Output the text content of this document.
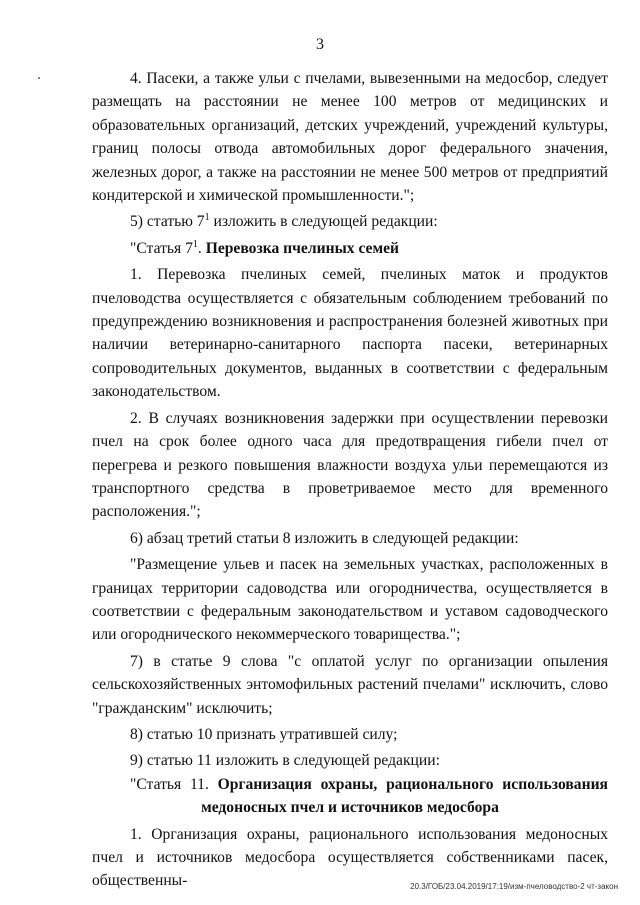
3

4. Пасеки, а также ульи с пчелами, вывезенными на медосбор, следует размещать на расстоянии не менее 100 метров от медицинских и образовательных организаций, детских учреждений, учреждений культуры, границ полосы отвода автомобильных дорог федерального значения, железных дорог, а также на расстоянии не менее 500 метров от предприятий кондитерской и химической промышленности.";

5) статью $7^1$ изложить в следующей редакции:

"Статья $7^1$. Перевозка пчелиных семей

1. Перевозка пчелиных семей, пчелиных маток и продуктов пчеловодства осуществляется с обязательным соблюдением требований по предупреждению возникновения и распространения болезней животных при наличии ветеринарно-санитарного паспорта пасеки, ветеринарных сопроводительных документов, выданных в соответствии с федеральным законодательством.

2. В случаях возникновения задержки при осуществлении перевозки пчел на срок более одного часа для предотвращения гибели пчел от перегрева и резкого повышения влажности воздуха ульи перемещаются из транспортного средства в проветриваемое место для временного расположения.";

6) абзац третий статьи 8 изложить в следующей редакции:

"Размещение ульев и пасек на земельных участках, расположенных в границах территории садоводства или огородничества, осуществляется в соответствии с федеральным законодательством и уставом садоводческого или огороднического некоммерческого товарищества.";

7) в статье 9 слова "с оплатой услуг по организации опыления сельскохозяйственных энтомофильных растений пчелами" исключить, слово "гражданским" исключить;

8) статью 10 признать утратившей силу;

9) статью 11 изложить в следующей редакции:

"Статья 11. Организация охраны, рационального использования

медоносных пчел и источников медосбора

1. Организация охраны, рационального использования медоносных пчел и источников медосбора осуществляется собственниками пасек, общественны-	20.3/ГОБ/23.04.2019/17:19/изм-пчеловодство-2 чт-закон
